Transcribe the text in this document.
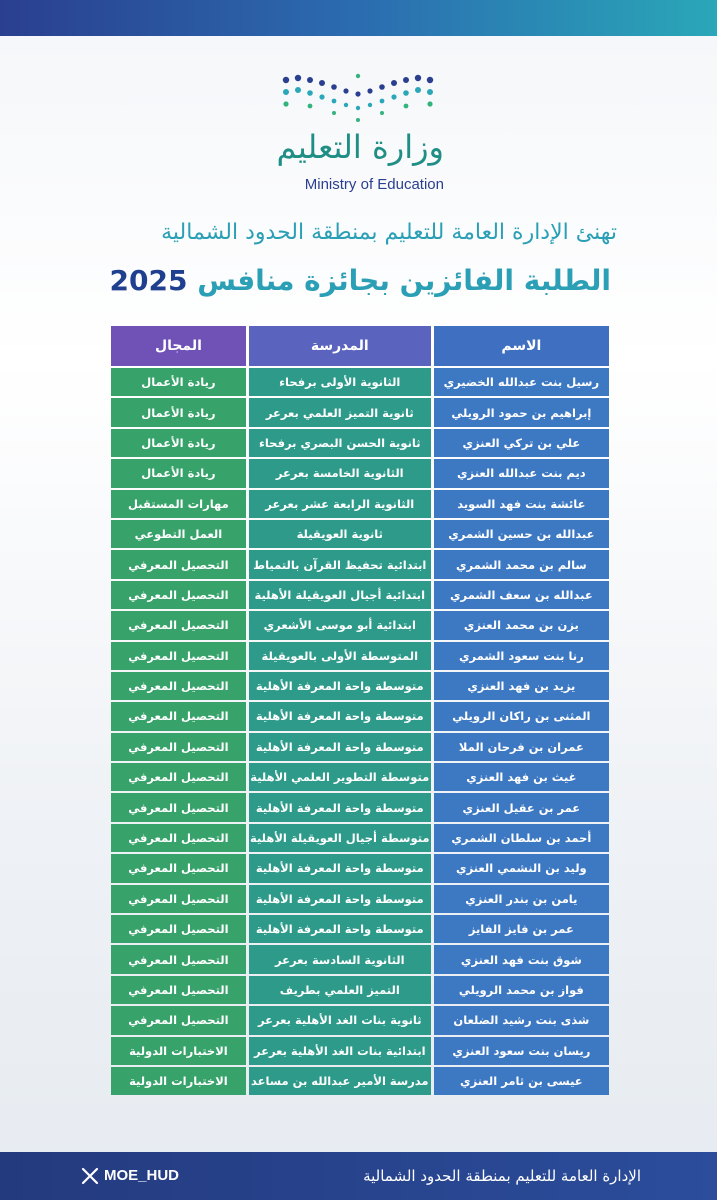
وزارة التعليم
Ministry of Education
تهنئ الإدارة العامة للتعليم بمنطقة الحدود الشمالية
الطلبة الفائزين بجائزة منافس 2025
الاسم	المدرسة	المجال
رسيل بنت عبدالله الخضيري	الثانوية الأولى برفحاء	ريادة الأعمال
إبراهيم بن حمود الرويلي	ثانوية التميز العلمي بعرعر	ريادة الأعمال
علي بن تركي العنزي	ثانوية الحسن البصري برفحاء	ريادة الأعمال
ديم بنت عبدالله العنزي	الثانوية الخامسة بعرعر	ريادة الأعمال
عائشة بنت فهد السويد	الثانوية الرابعة عشر بعرعر	مهارات المستقبل
عبدالله بن حسين الشمري	ثانوية العويقيلة	العمل التطوعي
سالم بن محمد الشمري	ابتدائية تحفيظ القرآن بالتمياط	التحصيل المعرفي
عبدالله بن سعف الشمري	ابتدائية أجيال العويقيلة الأهلية	التحصيل المعرفي
يزن بن محمد العنزي	ابتدائية أبو موسى الأشعري	التحصيل المعرفي
رنا بنت سعود الشمري	المتوسطة الأولى بالعويقيلة	التحصيل المعرفي
يزيد بن فهد العنزي	متوسطة واحة المعرفة الأهلية	التحصيل المعرفي
المثنى بن راكان الرويلي	متوسطة واحة المعرفة الأهلية	التحصيل المعرفي
عمران بن فرحان الملا	متوسطة واحة المعرفة الأهلية	التحصيل المعرفي
غيث بن فهد العنزي	متوسطة التطوير العلمي الأهلية	التحصيل المعرفي
عمر بن عقيل العنزي	متوسطة واحة المعرفة الأهلية	التحصيل المعرفي
أحمد بن سلطان الشمري	متوسطة أجيال العويقيلة الأهلية	التحصيل المعرفي
وليد بن النشمي العنزي	متوسطة واحة المعرفة الأهلية	التحصيل المعرفي
يامن بن بندر العنزي	متوسطة واحة المعرفة الأهلية	التحصيل المعرفي
عمر بن فايز الفايز	متوسطة واحة المعرفة الأهلية	التحصيل المعرفي
شوق بنت فهد العنزي	الثانوية السادسة بعرعر	التحصيل المعرفي
فواز بن محمد الرويلي	التميز العلمي بطريف	التحصيل المعرفي
شذى بنت رشيد الضلعان	ثانوية بنات الغد الأهلية بعرعر	التحصيل المعرفي
ريسان بنت سعود العنزي	ابتدائية بنات الغد الأهلية بعرعر	الاختبارات الدولية
عيسى بن ثامر العنزي	مدرسة الأمير عبدالله بن مساعد	الاختبارات الدولية
MOE_HUD	الإدارة العامة للتعليم بمنطقة الحدود الشمالية
